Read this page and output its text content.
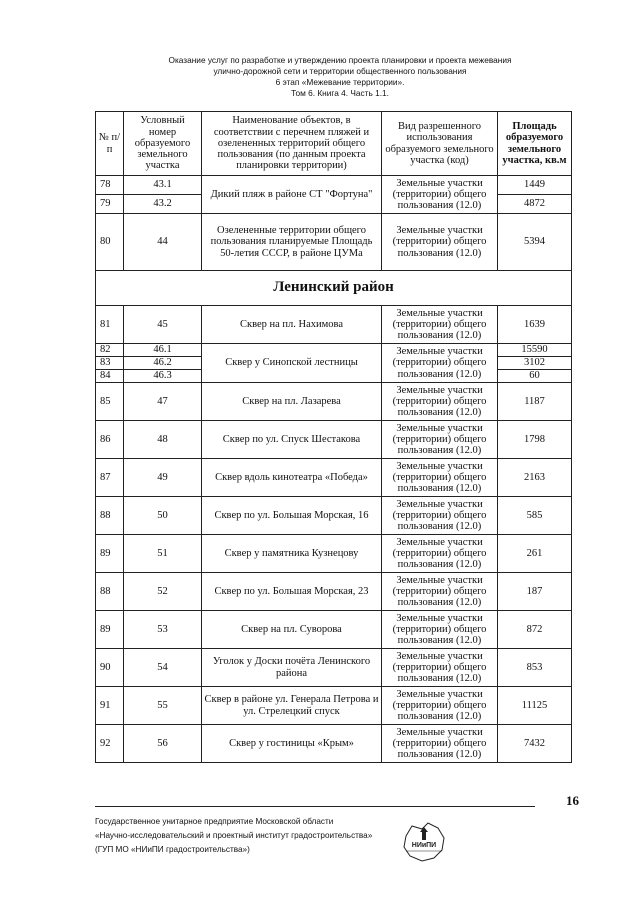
Оказание услуг по разработке и утверждению проекта планировки и проекта межевания
улично-дорожной сети и территории общественного пользования
6 этап «Межевание территории».
Том 6. Книга 4. Часть 1.1.
№ п/п	Условный номер образуемого земельного участка	Наименование объектов, в соответствии с перечнем пляжей и озелененных территорий общего пользования (по данным проекта планировки территории)	Вид разрешенного использования образуемого земельного участка (код)	Площадь образуемого земельного участка, кв.м
78	43.1	Дикий пляж в районе СТ "Фортуна"	Земельные участки (территории) общего пользования (12.0)	1449
79	43.2			4872
80	44	Озелененные территории общего пользования планируемые Площадь 50-летия СССР, в районе ЦУМа	Земельные участки (территории) общего пользования (12.0)	5394
Ленинский район				
81	45	Сквер на пл. Нахимова	Земельные участки (территории) общего пользования (12.0)	1639
82	46.1	Сквер у Синопской лестницы	Земельные участки (территории) общего пользования (12.0)	15590
83	46.2			3102
84	46.3			60
85	47	Сквер на пл. Лазарева	Земельные участки (территории) общего пользования (12.0)	1187
86	48	Сквер по ул. Спуск Шестакова	Земельные участки (территории) общего пользования (12.0)	1798
87	49	Сквер вдоль кинотеатра «Победа»	Земельные участки (территории) общего пользования (12.0)	2163
88	50	Сквер по ул. Большая Морская, 16	Земельные участки (территории) общего пользования (12.0)	585
89	51	Сквер у памятника Кузнецову	Земельные участки (территории) общего пользования (12.0)	261
88	52	Сквер по ул. Большая Морская, 23	Земельные участки (территории) общего пользования (12.0)	187
89	53	Сквер на пл. Суворова	Земельные участки (территории) общего пользования (12.0)	872
90	54	Уголок у Доски почёта Ленинского района	Земельные участки (территории) общего пользования (12.0)	853
91	55	Сквер в районе ул. Генерала Петрова и ул. Стрелецкий спуск	Земельные участки (территории) общего пользования (12.0)	11125
92	56	Сквер у гостиницы «Крым»	Земельные участки (территории) общего пользования (12.0)	7432
16
Государственное унитарное предприятие Московской области
«Научно-исследовательский и проектный институт градостроительства»
(ГУП МО «НИиПИ градостроительства»)	НИиПИ
